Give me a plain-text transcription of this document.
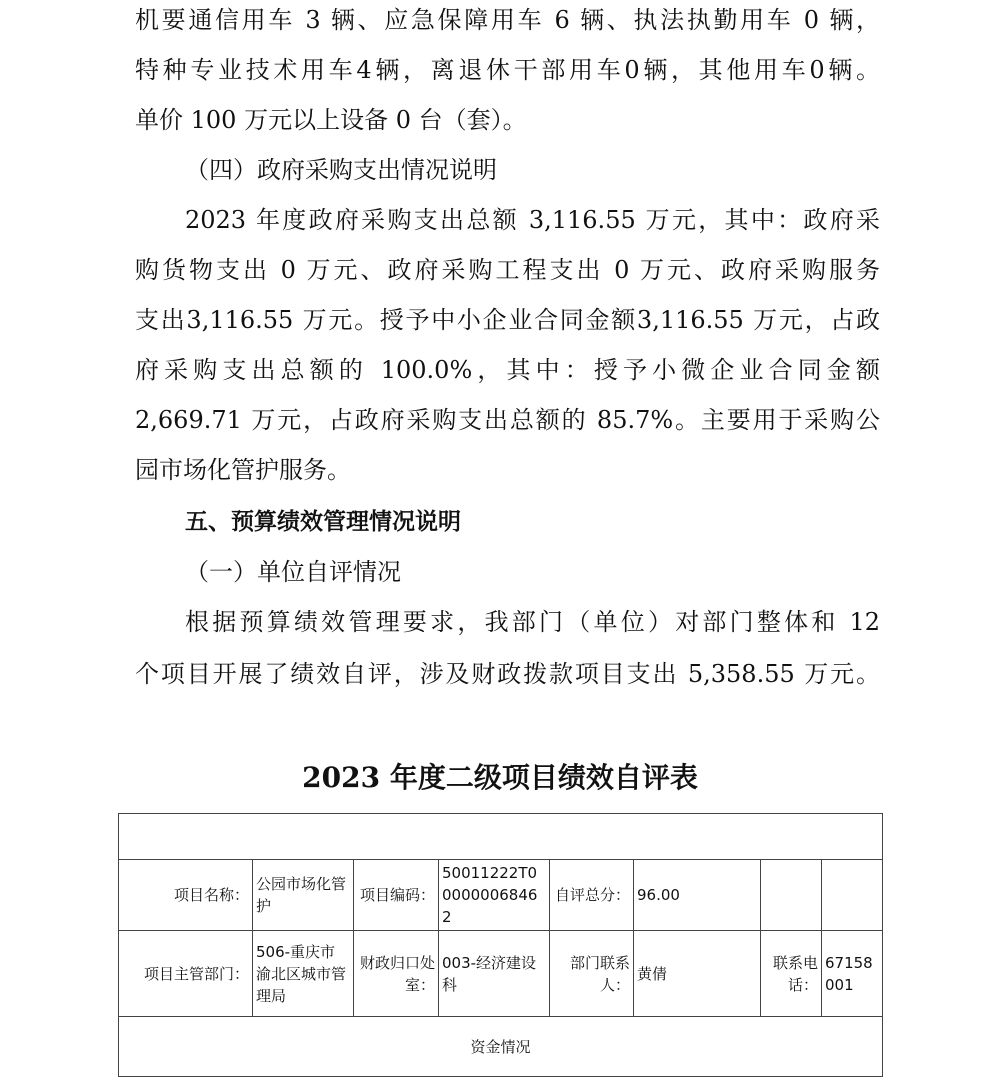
机要通信用车 3 辆、应急保障用车 6 辆、执法执勤用车 0 辆，
特种专业技术用车4辆，离退休干部用车0辆，其他用车0辆。
单价 100 万元以上设备 0 台（套）。
（四）政府采购支出情况说明
2023 年度政府采购支出总额 3,116.55 万元，其中：政府采
购货物支出 0 万元、政府采购工程支出 0 万元、政府采购服务
支出3,116.55 万元。授予中小企业合同金额3,116.55 万元，占政
府采购支出总额的 100.0%，其中：授予小微企业合同金额
2,669.71 万元，占政府采购支出总额的 85.7%。主要用于采购公
园市场化管护服务。
五、预算绩效管理情况说明
（一）单位自评情况
根据预算绩效管理要求，我部门（单位）对部门整体和 12
个项目开展了绩效自评，涉及财政拨款项目支出 5,358.55 万元。
2023 年度二级项目绩效自评表

项目名称：	公园市场化管护	项目编码：	50011222T000000068462	自评总分：	96.00		
项目主管部门：	506-重庆市渝北区城市管理局	财政归口处室：	003-经济建设科	部门联系人：	黄倩	联系电话：	67158001
资金情况							
